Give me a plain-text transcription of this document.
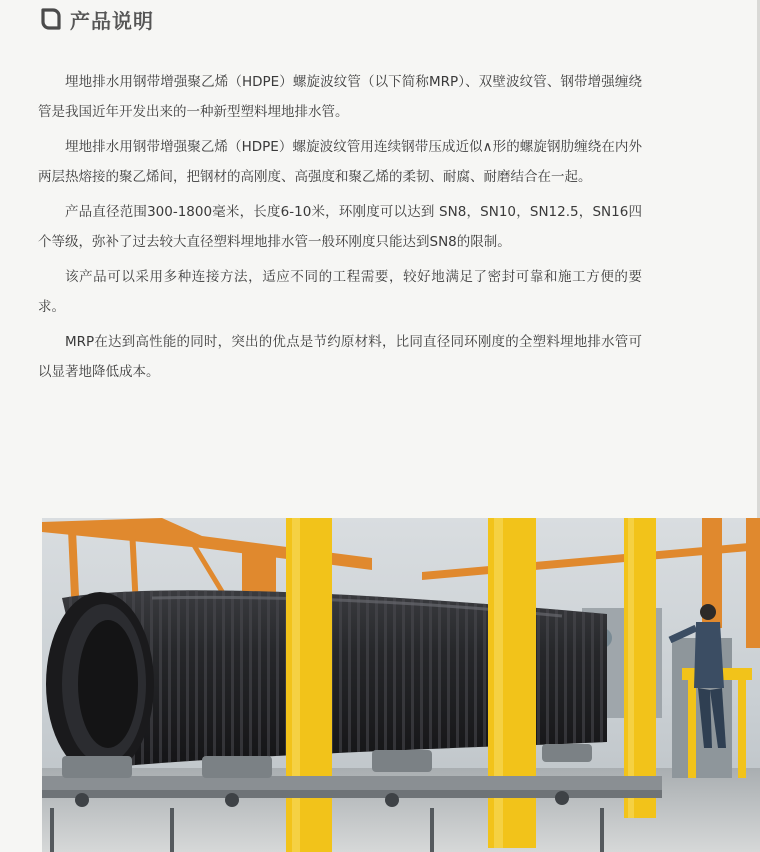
产品说明

埋地排水用钢带增强聚乙烯（HDPE）螺旋波纹管（以下简称MRP）、双壁波纹管、钢带增强缠绕管是我国近年开发出来的一种新型塑料埋地排水管。

埋地排水用钢带增强聚乙烯（HDPE）螺旋波纹管用连续钢带压成近似∧形的螺旋钢肋缠绕在内外两层热熔接的聚乙烯间，把钢材的高刚度、高强度和聚乙烯的柔韧、耐腐、耐磨结合在一起。

产品直径范围300-1800毫米，长度6-10米，环刚度可以达到 SN8，SN10，SN12.5，SN16四个等级，弥补了过去较大直径塑料埋地排水管一般环刚度只能达到SN8的限制。

该产品可以采用多种连接方法，适应不同的工程需要，较好地满足了密封可靠和施工方便的要求。

MRP在达到高性能的同时，突出的优点是节约原材料，比同直径同环刚度的全塑料埋地排水管可以显著地降低成本。
